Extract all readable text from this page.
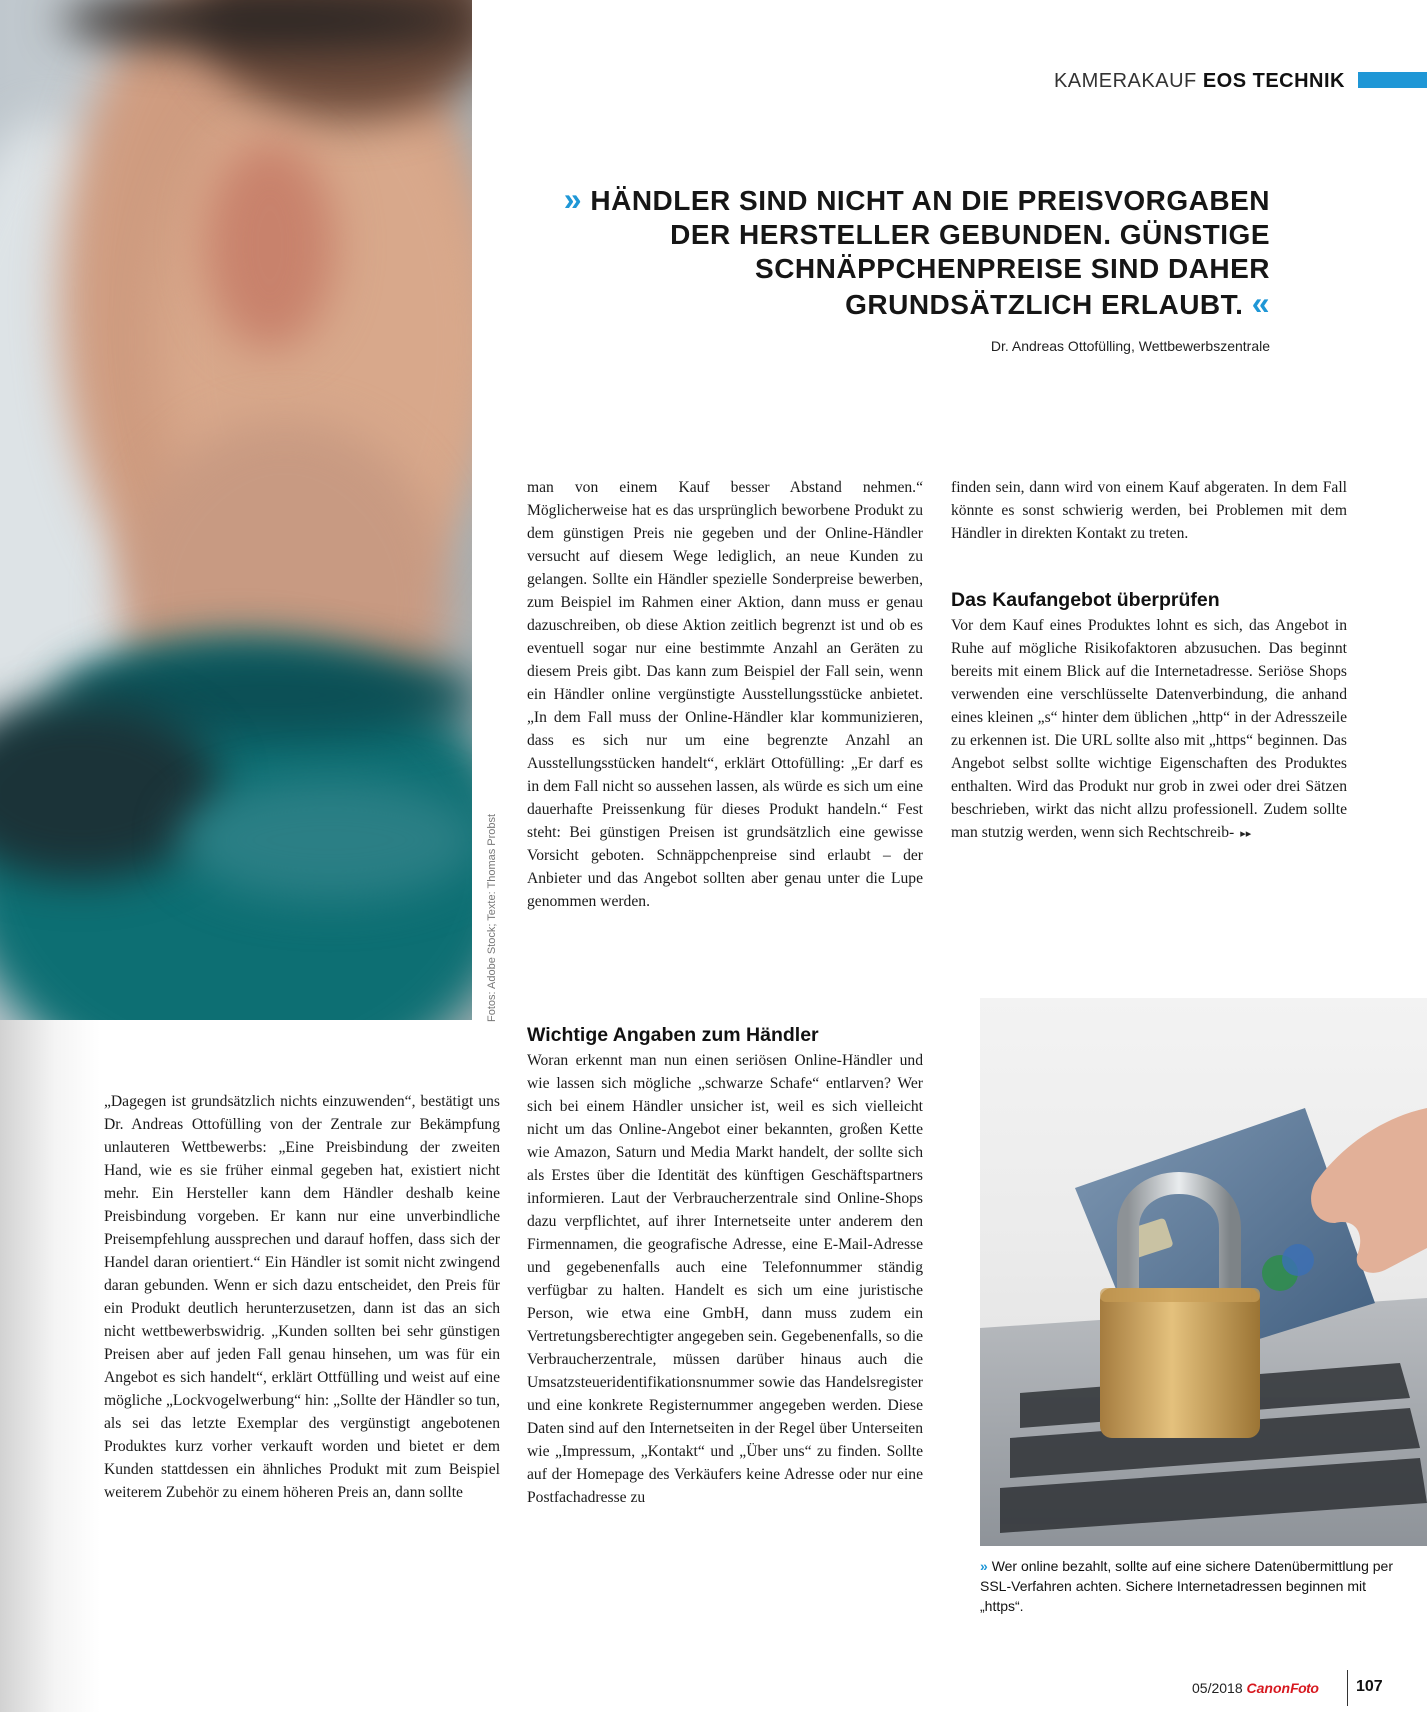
KAMERAKAUF EOS TECHNIK
Fotos: Adobe Stock; Texte: Thomas Probst

» HÄNDLER SIND NICHT AN DIE PREISVORGABEN DER HERSTELLER GEBUNDEN. GÜNSTIGE SCHNÄPPCHENPREISE SIND DAHER GRUNDSÄTZLICH ERLAUBT. «

Dr. Andreas Ottofülling, Wettbewerbszentrale

„Dagegen ist grundsätzlich nichts einzuwenden“, bestätigt uns Dr. Andreas Ottofülling von der Zentrale zur Bekämpfung unlauteren Wettbewerbs: „Eine Preisbindung der zweiten Hand, wie es sie früher einmal gegeben hat, existiert nicht mehr. Ein Hersteller kann dem Händler deshalb keine Preisbindung vorgeben. Er kann nur eine unverbindliche Preisempfehlung aussprechen und darauf hoffen, dass sich der Handel daran orientiert.“ Ein Händler ist somit nicht zwingend daran gebunden. Wenn er sich dazu entscheidet, den Preis für ein Produkt deutlich herunterzusetzen, dann ist das an sich nicht wettbewerbswidrig. „Kunden sollten bei sehr günstigen Preisen aber auf jeden Fall genau hinsehen, um was für ein Angebot es sich handelt“, erklärt Ottfülling und weist auf eine mögliche „Lockvogelwerbung“ hin: „Sollte der Händler so tun, als sei das letzte Exemplar des vergünstigt angebotenen Produktes kurz vorher verkauft worden und bietet er dem Kunden stattdessen ein ähnliches Produkt mit zum Beispiel weiterem Zubehör zu einem höheren Preis an, dann sollte

man von einem Kauf besser Abstand nehmen.“ Möglicherweise hat es das ursprünglich beworbene Produkt zu dem günstigen Preis nie gegeben und der Online-Händler versucht auf diesem Wege lediglich, an neue Kunden zu gelangen. Sollte ein Händler spezielle Sonderpreise bewerben, zum Beispiel im Rahmen einer Aktion, dann muss er genau dazuschreiben, ob diese Aktion zeitlich begrenzt ist und ob es eventuell sogar nur eine bestimmte Anzahl an Geräten zu diesem Preis gibt. Das kann zum Beispiel der Fall sein, wenn ein Händler online vergünstigte Ausstellungsstücke anbietet. „In dem Fall muss der Online-Händler klar kommunizieren, dass es sich nur um eine begrenzte Anzahl an Ausstellungsstücken handelt“, erklärt Ottofülling: „Er darf es in dem Fall nicht so aussehen lassen, als würde es sich um eine dauerhafte Preissenkung für dieses Produkt handeln.“ Fest steht: Bei günstigen Preisen ist grundsätzlich eine gewisse Vorsicht geboten. Schnäppchenpreise sind erlaubt – der Anbieter und das Angebot sollten aber genau unter die Lupe genommen werden.

Wichtige Angaben zum Händler

Woran erkennt man nun einen seriösen Online-Händler und wie lassen sich mögliche „schwarze Schafe“ entlarven? Wer sich bei einem Händler unsicher ist, weil es sich vielleicht nicht um das Online-Angebot einer bekannten, großen Kette wie Amazon, Saturn und Media Markt handelt, der sollte sich als Erstes über die Identität des künftigen Geschäftspartners informieren. Laut der Verbraucherzentrale sind Online-Shops dazu verpflichtet, auf ihrer Internetseite unter anderem den Firmennamen, die geografische Adresse, eine E-Mail-Adresse und gegebenenfalls auch eine Telefonnummer ständig verfügbar zu halten. Handelt es sich um eine juristische Person, wie etwa eine GmbH, dann muss zudem ein Vertretungsberechtigter angegeben sein. Gegebenenfalls, so die Verbraucherzentrale, müssen darüber hinaus auch die Umsatzsteueridentifikationsnummer sowie das Handelsregister und eine konkrete Registernummer angegeben werden. Diese Daten sind auf den Internetseiten in der Regel über Unterseiten wie „Impressum, „Kontakt“ und „Über uns“ zu finden. Sollte auf der Homepage des Verkäufers keine Adresse oder nur eine Postfachadresse zu

finden sein, dann wird von einem Kauf abgeraten. In dem Fall könnte es sonst schwierig werden, bei Problemen mit dem Händler in direkten Kontakt zu treten.

Das Kaufangebot überprüfen

Vor dem Kauf eines Produktes lohnt es sich, das Angebot in Ruhe auf mögliche Risikofaktoren abzusuchen. Das beginnt bereits mit einem Blick auf die Internetadresse. Seriöse Shops verwenden eine verschlüsselte Datenverbindung, die anhand eines kleinen „s“ hinter dem üblichen „http“ in der Adresszeile zu erkennen ist. Die URL sollte also mit „https“ beginnen. Das Angebot selbst sollte wichtige Eigenschaften des Produktes enthalten. Wird das Produkt nur grob in zwei oder drei Sätzen beschrieben, wirkt das nicht allzu professionell. Zudem sollte man stutzig werden, wenn sich Rechtschreib- ▸▸

» Wer online bezahlt, sollte auf eine sichere Datenübermittlung per SSL-Verfahren achten. Sichere Internetadressen beginnen mit „https“.
05/2018 CanonFoto 107
